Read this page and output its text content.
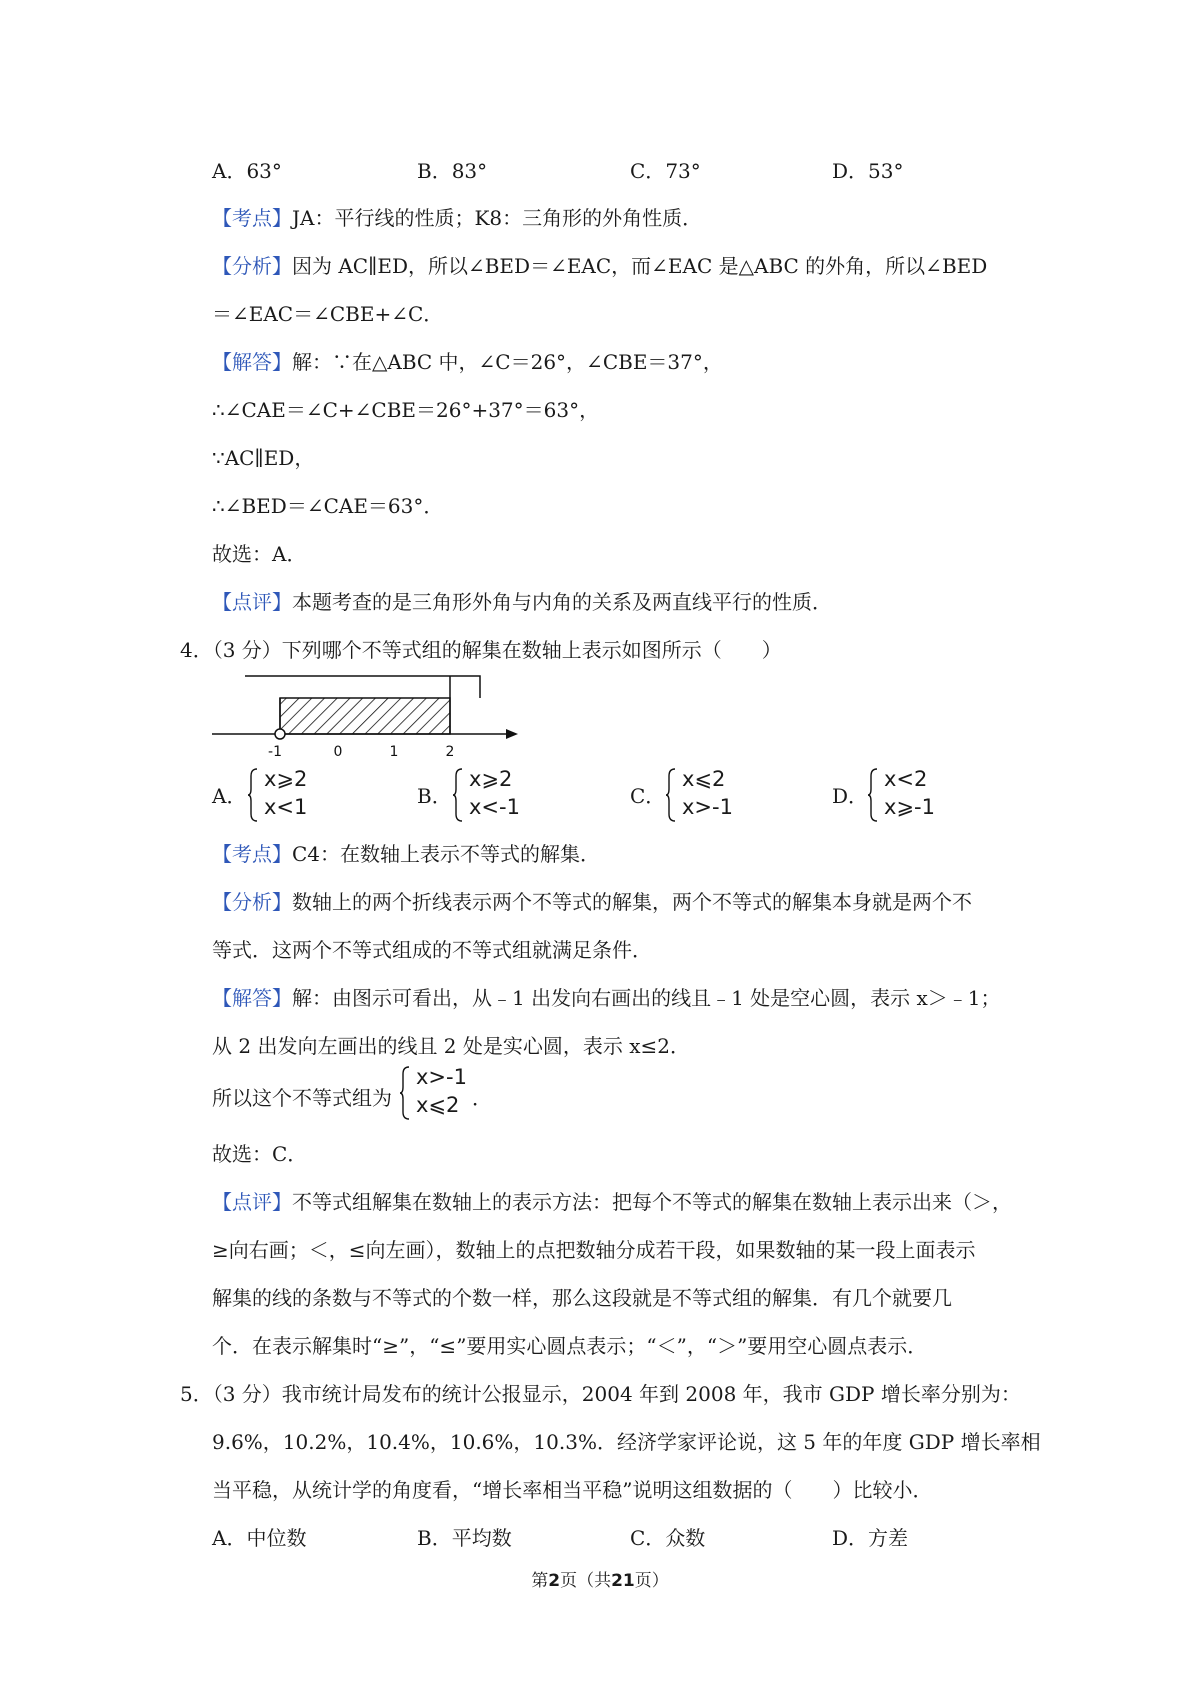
A．63°	B．83°	C．73°	D．53°
【考点】JA：平行线的性质；K8：三角形的外角性质．
【分析】因为 AC∥ED，所以∠BED＝∠EAC，而∠EAC 是△ABC 的外角，所以∠BED
＝∠EAC＝∠CBE+∠C．
【解答】解：∵在△ABC 中，∠C＝26°，∠CBE＝37°，
∴∠CAE＝∠C+∠CBE＝26°+37°＝63°，
∵AC∥ED，
∴∠BED＝∠CAE＝63°．
故选：A．
【点评】本题考查的是三角形外角与内角的关系及两直线平行的性质．
4．（3 分）下列哪个不等式组的解集在数轴上表示如图所示（　　）
-1	0	1	2
A．
x⩾2
x<1	B．
x⩾2
x<-1	C．
x⩽2
x>-1	D．
x<2
x⩾-1
【考点】C4：在数轴上表示不等式的解集．
【分析】数轴上的两个折线表示两个不等式的解集，两个不等式的解集本身就是两个不
等式．这两个不等式组成的不等式组就满足条件．
【解答】解：由图示可看出，从﹣1 出发向右画出的线且﹣1 处是空心圆，表示 x＞﹣1；
从 2 出发向左画出的线且 2 处是实心圆，表示 x≤2．
所以这个不等式组为
x>-1
x⩽2 ．
故选：C．
【点评】不等式组解集在数轴上的表示方法：把每个不等式的解集在数轴上表示出来（＞，
≥向右画；＜，≤向左画），数轴上的点把数轴分成若干段，如果数轴的某一段上面表示
解集的线的条数与不等式的个数一样，那么这段就是不等式组的解集．有几个就要几
个．在表示解集时“≥”，“≤”要用实心圆点表示；“＜”，“＞”要用空心圆点表示．
5．（3 分）我市统计局发布的统计公报显示，2004 年到 2008 年，我市 GDP 增长率分别为：
9.6%，10.2%，10.4%，10.6%，10.3%．经济学家评论说，这 5 年的年度 GDP 增长率相
当平稳，从统计学的角度看，“增长率相当平稳”说明这组数据的（　　）比较小．
A．中位数	B．平均数	C．众数	D．方差
第2页（共21页）
